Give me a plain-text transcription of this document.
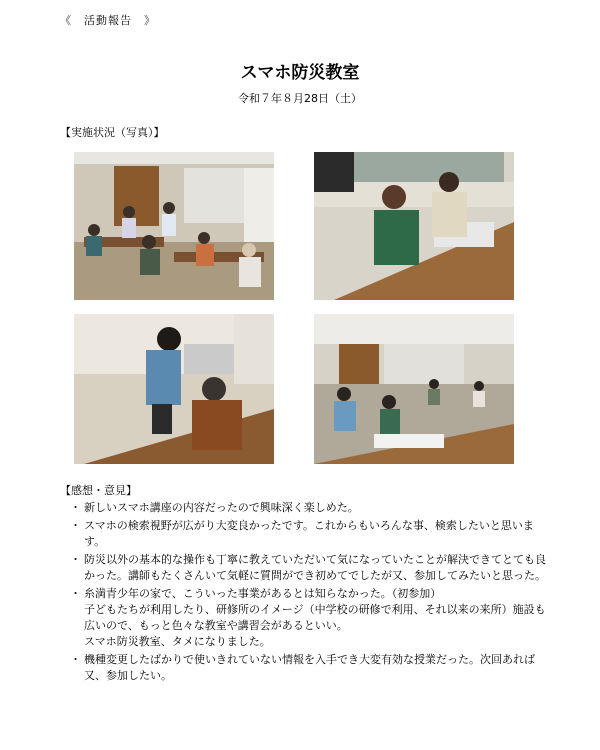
《　活動報告　》
スマホ防災教室
令和７年８月28日（土）
【実施状況（写真）】
【感想・意見】
・ 新しいスマホ講座の内容だったので興味深く楽しめた。
・ スマホの検索視野が広がり大変良かったです。これからもいろんな事、検索したいと思います。
・ 防災以外の基本的な操作も丁寧に教えていただいて気になっていたことが解決できてとても良かった。講師もたくさんいて気軽に質問ができ初めてでしたが又、参加してみたいと思った。
・ 糸満青少年の家で、こういった事業があるとは知らなかった。（初参加）
子どもたちが利用したり、研修所のイメージ（中学校の研修で利用、それ以来の来所）施設も広いので、もっと色々な教室や講習会があるといい。
スマホ防災教室、タメになりました。
・ 機種変更したばかりで使いきれていない情報を入手でき大変有効な授業だった。次回あれば又、参加したい。
